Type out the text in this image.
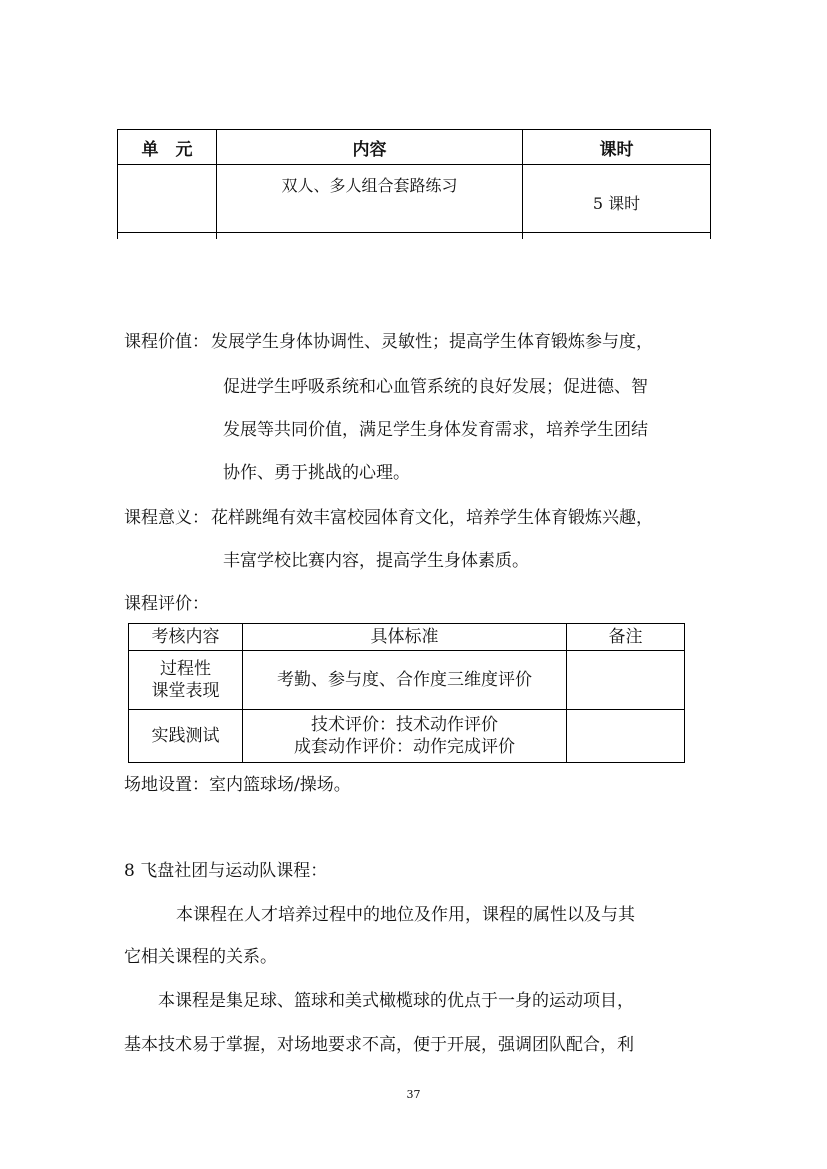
单　元	内容	课时
	双人、多人组合套路练习	5 课时
课程价值： 发展学生身体协调性、灵敏性；提高学生体育锻炼参与度，
促进学生呼吸系统和心血管系统的良好发展；促进德、智
发展等共同价值，满足学生身体发育需求，培养学生团结
协作、勇于挑战的心理。
课程意义： 花样跳绳有效丰富校园体育文化，培养学生体育锻炼兴趣，
丰富学校比赛内容，提高学生身体素质。
课程评价：
考核内容	具体标准	备注

过程性
课堂表现	考勤、参与度、合作度三维度评价	

实践测试	技术评价：技术动作评价
成套动作评价：动作完成评价	

场地设置：室内篮球场/操场。
8 飞盘社团与运动队课程：
本课程在人才培养过程中的地位及作用，课程的属性以及与其
它相关课程的关系。
本课程是集足球、篮球和美式橄榄球的优点于一身的运动项目，
基本技术易于掌握，对场地要求不高，便于开展，强调团队配合，利
37
